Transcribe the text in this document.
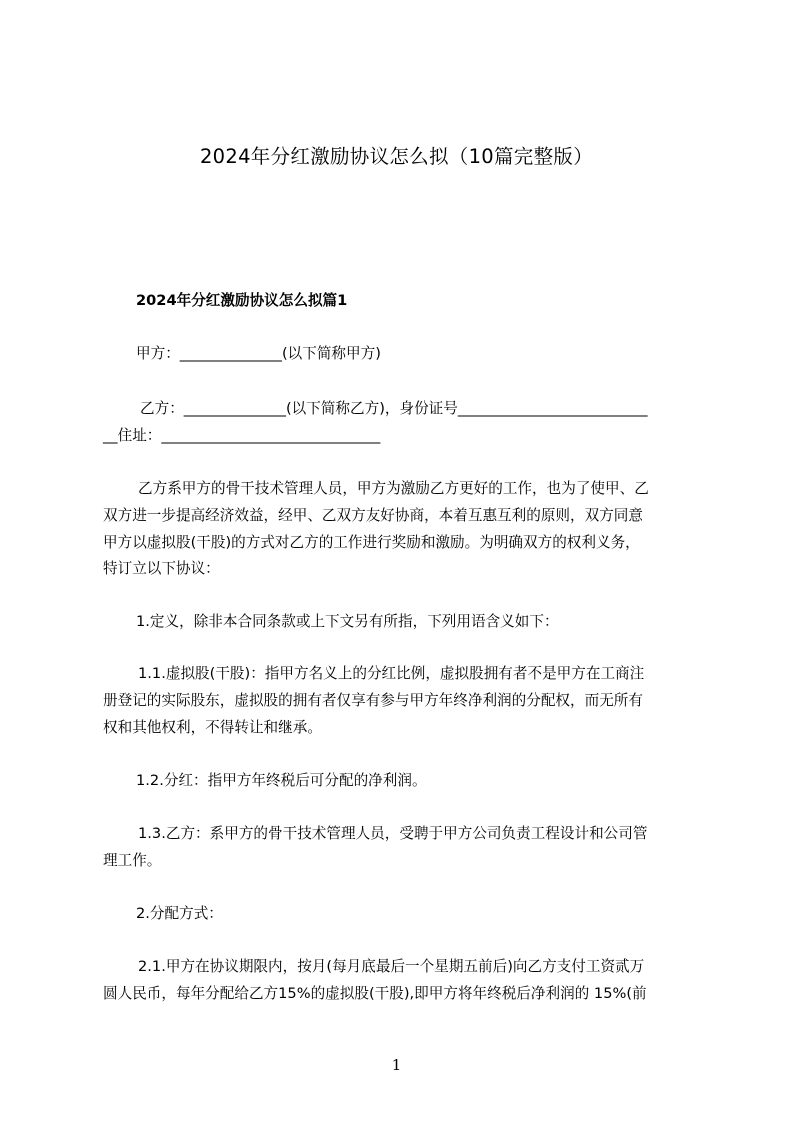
2024年分红激励协议怎么拟（10篇完整版）
2024年分红激励协议怎么拟篇1
甲方：______________(以下简称甲方)
乙方：______________(以下简称乙方)，身份证号__________________________
__住址：______________________________
乙方系甲方的骨干技术管理人员，甲方为激励乙方更好的工作，也为了使甲、乙
双方进一步提高经济效益，经甲、乙双方友好协商，本着互惠互利的原则，双方同意
甲方以虚拟股(干股)的方式对乙方的工作进行奖励和激励。为明确双方的权利义务，
特订立以下协议：
1.定义，除非本合同条款或上下文另有所指，下列用语含义如下：
1.1.虚拟股(干股)：指甲方名义上的分红比例，虚拟股拥有者不是甲方在工商注
册登记的实际股东，虚拟股的拥有者仅享有参与甲方年终净利润的分配权，而无所有
权和其他权利，不得转让和继承。
1.2.分红：指甲方年终税后可分配的净利润。
1.3.乙方：系甲方的骨干技术管理人员，受聘于甲方公司负责工程设计和公司管
理工作。
2.分配方式：
2.1.甲方在协议期限内，按月(每月底最后一个星期五前后)向乙方支付工资贰万
圆人民币，每年分配给乙方15%的虚拟股(干股),即甲方将年终税后净利润的 15%(前
1
